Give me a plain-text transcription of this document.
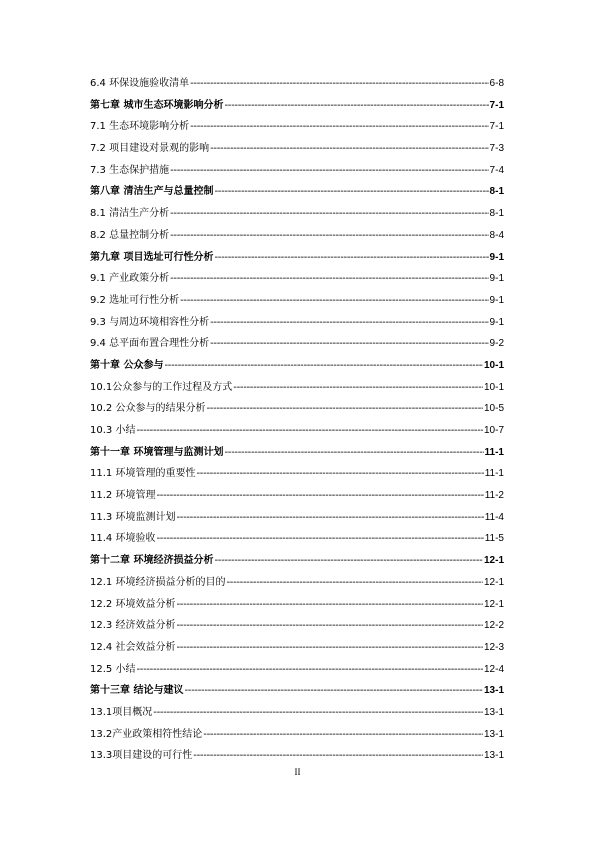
6.4 环保设施验收清单 -----	6-8
第七章 城市生态环境影响分析 -----	7-1
7.1 生态环境影响分析 -----	7-1
7.2 项目建设对景观的影响 -----	7-3
7.3 生态保护措施 -----	7-4
第八章 清洁生产与总量控制 -----	8-1
8.1 清洁生产分析 -----	8-1
8.2 总量控制分析 -----	8-4
第九章 项目选址可行性分析 -----	9-1
9.1 产业政策分析 -----	9-1
9.2 选址可行性分析 -----	9-1
9.3 与周边环境相容性分析 -----	9-1
9.4 总平面布置合理性分析 -----	9-2
第十章 公众参与 -----	10-1
10.1公众参与的工作过程及方式 -----	10-1
10.2 公众参与的结果分析 -----	10-5
10.3 小结 -----	10-7
第十一章 环境管理与监测计划 -----	11-1
11.1 环境管理的重要性 -----	11-1
11.2 环境管理 -----	11-2
11.3 环境监测计划 -----	11-4
11.4 环境验收 -----	11-5
第十二章 环境经济损益分析 -----	12-1
12.1 环境经济损益分析的目的 -----	12-1
12.2 环境效益分析 -----	12-1
12.3 经济效益分析 -----	12-2
12.4 社会效益分析 -----	12-3
12.5 小结 -----	12-4
第十三章 结论与建议 -----	13-1
13.1项目概况 -----	13-1
13.2产业政策相符性结论 -----	13-1
13.3项目建设的可行性 -----	13-1
II
